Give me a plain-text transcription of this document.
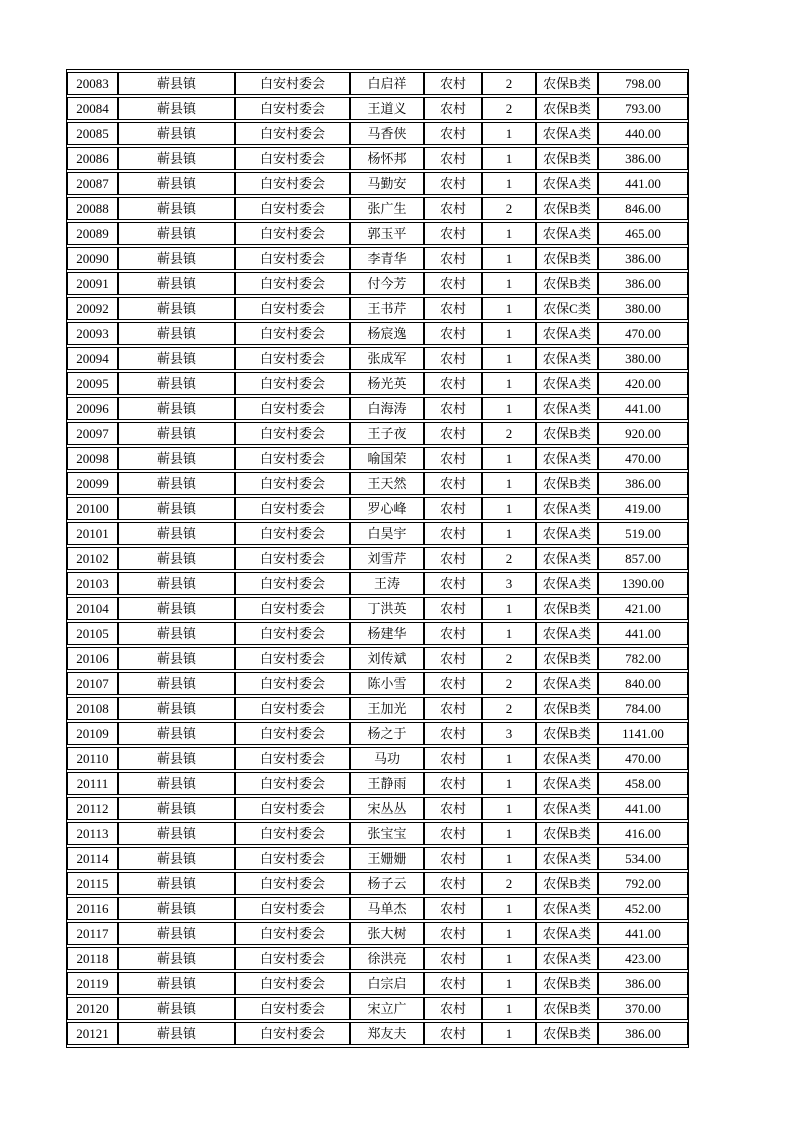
20083	蕲县镇	白安村委会	白启祥	农村	2	农保B类	798.00
20084	蕲县镇	白安村委会	王道义	农村	2	农保B类	793.00
20085	蕲县镇	白安村委会	马香侠	农村	1	农保A类	440.00
20086	蕲县镇	白安村委会	杨怀邦	农村	1	农保B类	386.00
20087	蕲县镇	白安村委会	马勤安	农村	1	农保A类	441.00
20088	蕲县镇	白安村委会	张广生	农村	2	农保B类	846.00
20089	蕲县镇	白安村委会	郭玉平	农村	1	农保A类	465.00
20090	蕲县镇	白安村委会	李青华	农村	1	农保B类	386.00
20091	蕲县镇	白安村委会	付今芳	农村	1	农保B类	386.00
20092	蕲县镇	白安村委会	王书芹	农村	1	农保C类	380.00
20093	蕲县镇	白安村委会	杨宸逸	农村	1	农保A类	470.00
20094	蕲县镇	白安村委会	张成军	农村	1	农保A类	380.00
20095	蕲县镇	白安村委会	杨光英	农村	1	农保A类	420.00
20096	蕲县镇	白安村委会	白海涛	农村	1	农保A类	441.00
20097	蕲县镇	白安村委会	王子夜	农村	2	农保B类	920.00
20098	蕲县镇	白安村委会	喻国荣	农村	1	农保A类	470.00
20099	蕲县镇	白安村委会	王天然	农村	1	农保B类	386.00
20100	蕲县镇	白安村委会	罗心峰	农村	1	农保A类	419.00
20101	蕲县镇	白安村委会	白昊宇	农村	1	农保A类	519.00
20102	蕲县镇	白安村委会	刘雪芹	农村	2	农保A类	857.00
20103	蕲县镇	白安村委会	王涛	农村	3	农保A类	1390.00
20104	蕲县镇	白安村委会	丁洪英	农村	1	农保B类	421.00
20105	蕲县镇	白安村委会	杨建华	农村	1	农保A类	441.00
20106	蕲县镇	白安村委会	刘传斌	农村	2	农保B类	782.00
20107	蕲县镇	白安村委会	陈小雪	农村	2	农保A类	840.00
20108	蕲县镇	白安村委会	王加光	农村	2	农保B类	784.00
20109	蕲县镇	白安村委会	杨之于	农村	3	农保B类	1141.00
20110	蕲县镇	白安村委会	马功	农村	1	农保A类	470.00
20111	蕲县镇	白安村委会	王静雨	农村	1	农保A类	458.00
20112	蕲县镇	白安村委会	宋丛丛	农村	1	农保A类	441.00
20113	蕲县镇	白安村委会	张宝宝	农村	1	农保B类	416.00
20114	蕲县镇	白安村委会	王姗姗	农村	1	农保A类	534.00
20115	蕲县镇	白安村委会	杨子云	农村	2	农保B类	792.00
20116	蕲县镇	白安村委会	马单杰	农村	1	农保A类	452.00
20117	蕲县镇	白安村委会	张大树	农村	1	农保A类	441.00
20118	蕲县镇	白安村委会	徐洪亮	农村	1	农保A类	423.00
20119	蕲县镇	白安村委会	白宗启	农村	1	农保B类	386.00
20120	蕲县镇	白安村委会	宋立广	农村	1	农保B类	370.00
20121	蕲县镇	白安村委会	郑友夫	农村	1	农保B类	386.00
